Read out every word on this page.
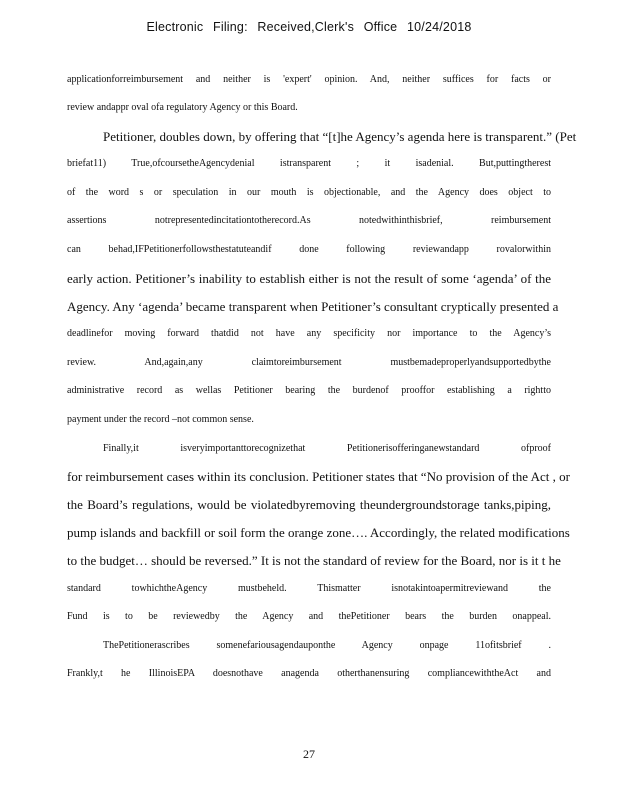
Electronic Filing: Received,Clerk's Office 10/24/2018
applicationforreimbursement and neither is 'expert' opinion. And, neither suffices for facts or
review andappr oval ofa regulatory Agency or this Board.
Petitioner, doubles down, by offering that “[t]he Agency’s agenda here is transparent.” (Pet
briefat11) True,ofcoursetheAgencydenial istransparent ; it isadenial. But,puttingtherest
of the word s or speculation in our mouth is objectionable, and the Agency does object to
assertions notrepresentedincitationtotherecord.As notedwithinthisbrief, reimbursement
can behad,IFPetitionerfollowsthestatuteandif done following reviewandapp rovalorwithin
early action. Petitioner’s inability to establish either is not the result of some ‘agenda’ of the
Agency. Any ‘agenda’ became transparent when Petitioner’s consultant cryptically presented a
deadlinefor moving forward thatdid not have any specificity nor importance to the Agency’s
review. And,again,any claimtoreimbursement mustbemadeproperlyandsupportedbythe
administrative record as wellas Petitioner bearing the burdenof prooffor establishing a rightto
payment under the record –not common sense.
Finally,it isveryimportanttorecognizethat Petitionerisofferinganewstandard ofproof
for reimbursement cases within its conclusion. Petitioner states that “No provision of the Act , or
the Board’s regulations, would be violatedbyremoving theundergroundstorage tanks,piping,
pump islands and backfill or soil form the orange zone…. Accordingly, the related modifications
to the budget… should be reversed.” It is not the standard of review for the Board, nor is it t he
standard towhichtheAgency mustbeheld. Thismatter isnotakintoapermitreviewand the
Fund is to be reviewedby the Agency and thePetitioner bears the burden onappeal.
ThePetitionerascribes somenefariousagendauponthe Agency onpage 11ofitsbrief .
Frankly,t he IllinoisEPA doesnothave anagenda otherthanensuring compliancewiththeAct and
27
